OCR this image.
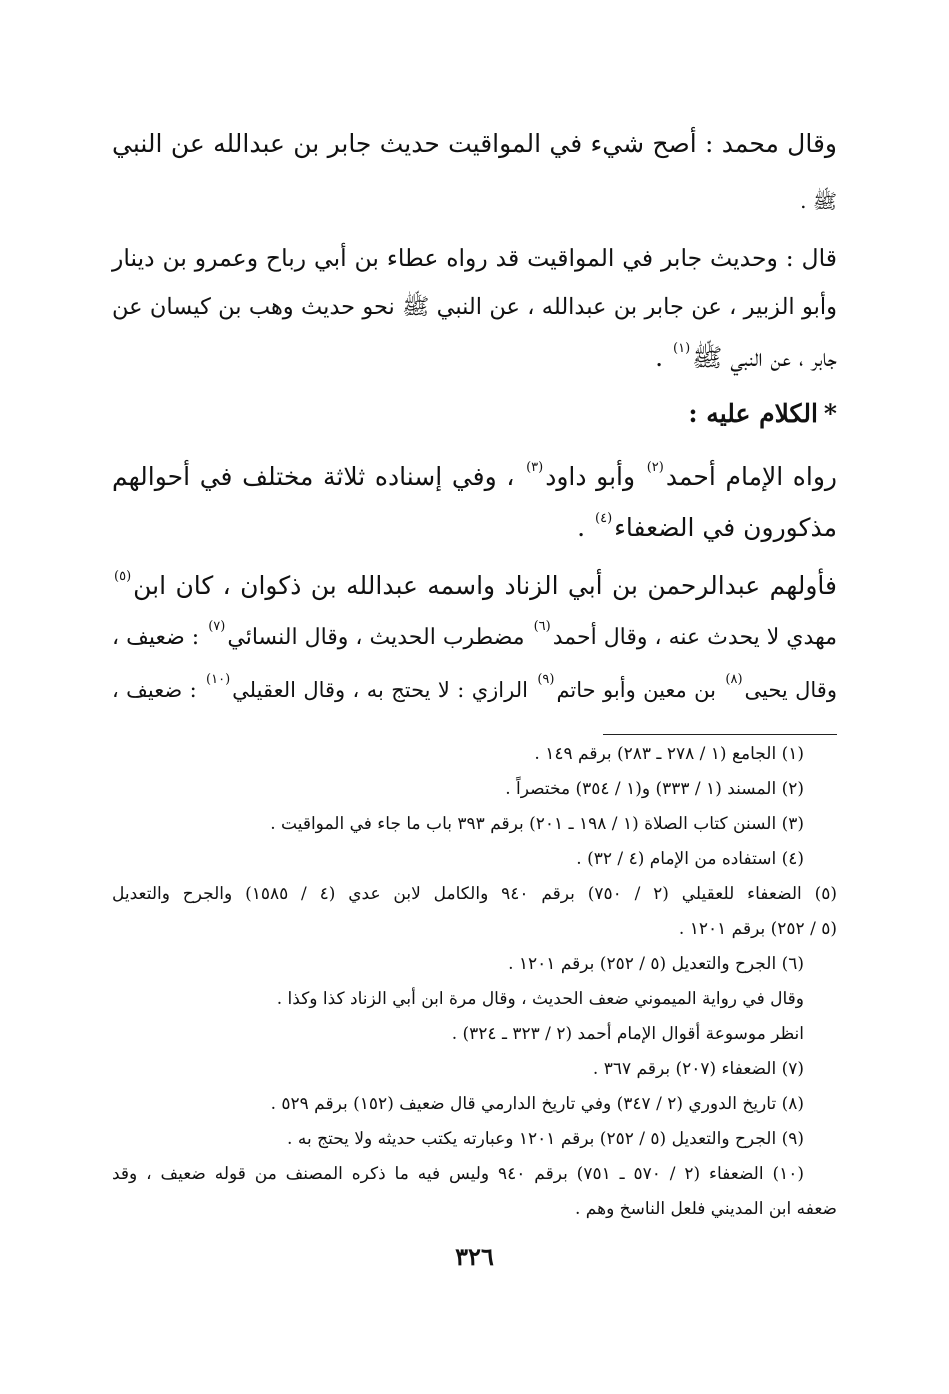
وقال محمد : أصح شيء في المواقيت حديث جابر بن عبدالله عن النبي
ﷺ .
قال : وحديث جابر في المواقيت قد رواه عطاء بن أبي رباح وعمرو بن دينار
وأبو الزبير ، عن جابر بن عبدالله ، عن النبي ﷺ نحو حديث وهب بن كيسان عن
جابر ، عن النبي ﷺ$^{(١)}$ .
*الكلام عليه :
رواه الإمام أحمد$^{(٢)}$ وأبو داود$^{(٣)}$ ، وفي إسناده ثلاثة مختلف في أحوالهم
مذكورون في الضعفاء$^{(٤)}$ .
فأولهم عبدالرحمن بن أبي الزناد واسمه عبدالله بن ذكوان ، كان ابن$^{(٥)}$
مهدي لا يحدث عنه ، وقال أحمد$^{(٦)}$ مضطرب الحديث ، وقال النسائي$^{(٧)}$ : ضعيف ،
وقال يحيى$^{(٨)}$ بن معين وأبو حاتم$^{(٩)}$ الرازي : لا يحتج به ، وقال العقيلي$^{(١٠)}$ : ضعيف ،
(١) الجامع (١ / ٢٧٨ ـ ٢٨٣) برقم ١٤٩ .
(٢) المسند (١ / ٣٣٣) و(١ / ٣٥٤) مختصراً .
(٣) السنن كتاب الصلاة (١ / ١٩٨ ـ ٢٠١) برقم ٣٩٣ باب ما جاء في المواقيت .
(٤) استفاده من الإمام (٤ / ٣٢) .
(٥) الضعفاء للعقيلي (٢ / ٧٥٠) برقم ٩٤٠ والكامل لابن عدي (٤ / ١٥٨٥) والجرح والتعديل
(٥ / ٢٥٢) برقم ١٢٠١ .
(٦) الجرح والتعديل (٥ / ٢٥٢) برقم ١٢٠١ .
وقال في رواية الميموني ضعف الحديث ، وقال مرة ابن أبي الزناد كذا وكذا .
انظر موسوعة أقوال الإمام أحمد (٢ / ٣٢٣ ـ ٣٢٤) .
(٧) الضعفاء (٢٠٧) برقم ٣٦٧ .
(٨) تاريخ الدوري (٢ / ٣٤٧) وفي تاريخ الدارمي قال ضعيف (١٥٢) برقم ٥٢٩ .
(٩) الجرح والتعديل (٥ / ٢٥٢) برقم ١٢٠١ وعبارته يكتب حديثه ولا يحتج به .
(١٠) الضعفاء (٢ / ٥٧٠ ـ ٧٥١) برقم ٩٤٠ وليس فيه ما ذكره المصنف من قوله ضعيف ، وقد
ضعفه ابن المديني فلعل الناسخ وهم .
٣٢٦
